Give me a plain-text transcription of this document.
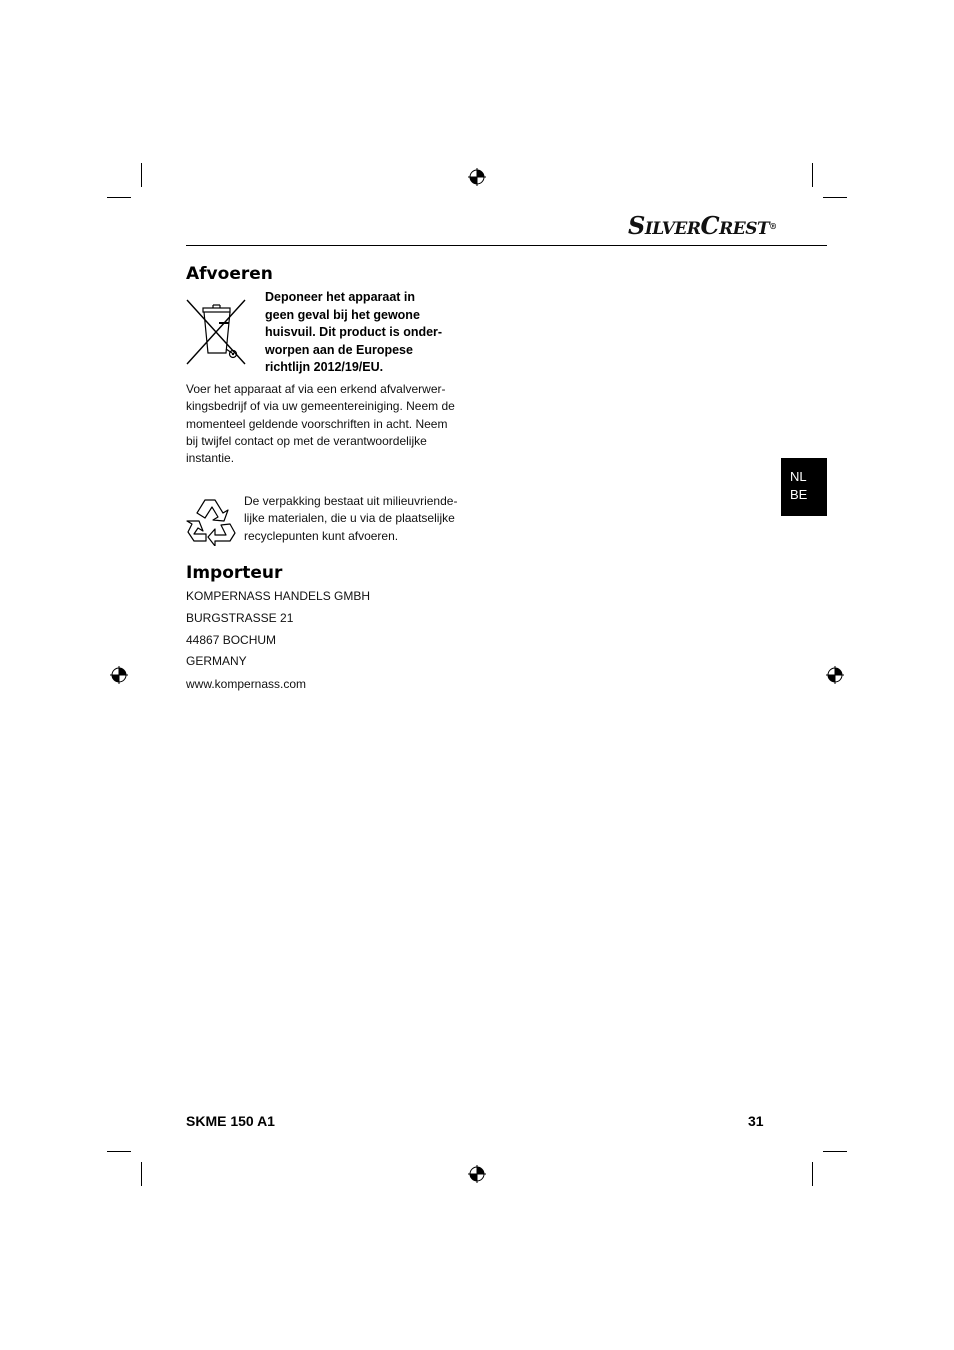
SILVERCREST®
Afvoeren
Deponeer het apparaat in
geen geval bij het gewone
huisvuil. Dit product is onder-
worpen aan de Europese
richtlijn 2012/19/EU.
Voer het apparaat af via een erkend afvalverwer-
kingsbedrijf of via uw gemeentereiniging. Neem de
momenteel geldende voorschriften in acht. Neem
bij twijfel contact op met de verantwoordelijke
instantie.
De verpakking bestaat uit milieuvriende-
lijke materialen, die u via de plaatselijke
recyclepunten kunt afvoeren.
Importeur
KOMPERNASS HANDELS GMBH
BURGSTRASSE 21
44867 BOCHUM
GERMANY
www.kompernass.com
NL
BE
SKME 150 A1	31
